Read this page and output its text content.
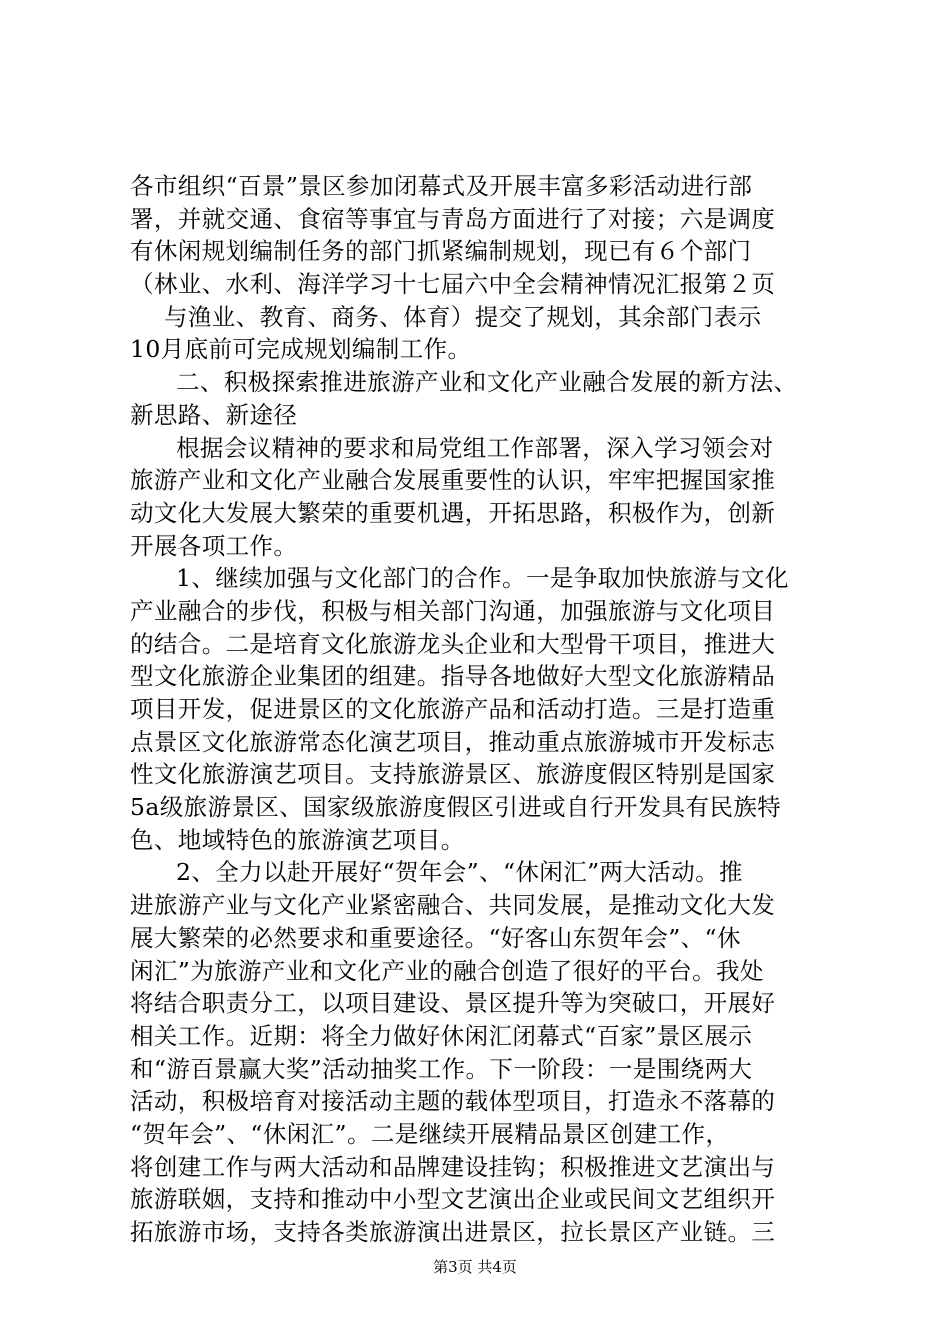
各市组织“百景”景区参加闭幕式及开展丰富多彩活动进行部
署，并就交通、食宿等事宜与青岛方面进行了对接；六是调度
有休闲规划编制任务的部门抓紧编制规划，现已有６个部门
（林业、水利、海洋学习十七届六中全会精神情况汇报第２页
与渔业、教育、商务、体育）提交了规划，其余部门表示
10月底前可完成规划编制工作。
二、积极探索推进旅游产业和文化产业融合发展的新方法、
新思路、新途径
根据会议精神的要求和局党组工作部署，深入学习领会对
旅游产业和文化产业融合发展重要性的认识，牢牢把握国家推
动文化大发展大繁荣的重要机遇，开拓思路，积极作为，创新
开展各项工作。
1、继续加强与文化部门的合作。一是争取加快旅游与文化
产业融合的步伐，积极与相关部门沟通，加强旅游与文化项目
的结合。二是培育文化旅游龙头企业和大型骨干项目，推进大
型文化旅游企业集团的组建。指导各地做好大型文化旅游精品
项目开发，促进景区的文化旅游产品和活动打造。三是打造重
点景区文化旅游常态化演艺项目，推动重点旅游城市开发标志
性文化旅游演艺项目。支持旅游景区、旅游度假区特别是国家
5a级旅游景区、国家级旅游度假区引进或自行开发具有民族特
色、地域特色的旅游演艺项目。
2、全力以赴开展好“贺年会”、“休闲汇”两大活动。推
进旅游产业与文化产业紧密融合、共同发展，是推动文化大发
展大繁荣的必然要求和重要途径。“好客山东贺年会”、“休
闲汇”为旅游产业和文化产业的融合创造了很好的平台。我处
将结合职责分工，以项目建设、景区提升等为突破口，开展好
相关工作。近期：将全力做好休闲汇闭幕式“百家”景区展示
和“游百景赢大奖”活动抽奖工作。下一阶段：一是围绕两大
活动，积极培育对接活动主题的载体型项目，打造永不落幕的
“贺年会”、“休闲汇”。二是继续开展精品景区创建工作，
将创建工作与两大活动和品牌建设挂钩；积极推进文艺演出与
旅游联姻，支持和推动中小型文艺演出企业或民间文艺组织开
拓旅游市场，支持各类旅游演出进景区，拉长景区产业链。三
第3页 共4页
